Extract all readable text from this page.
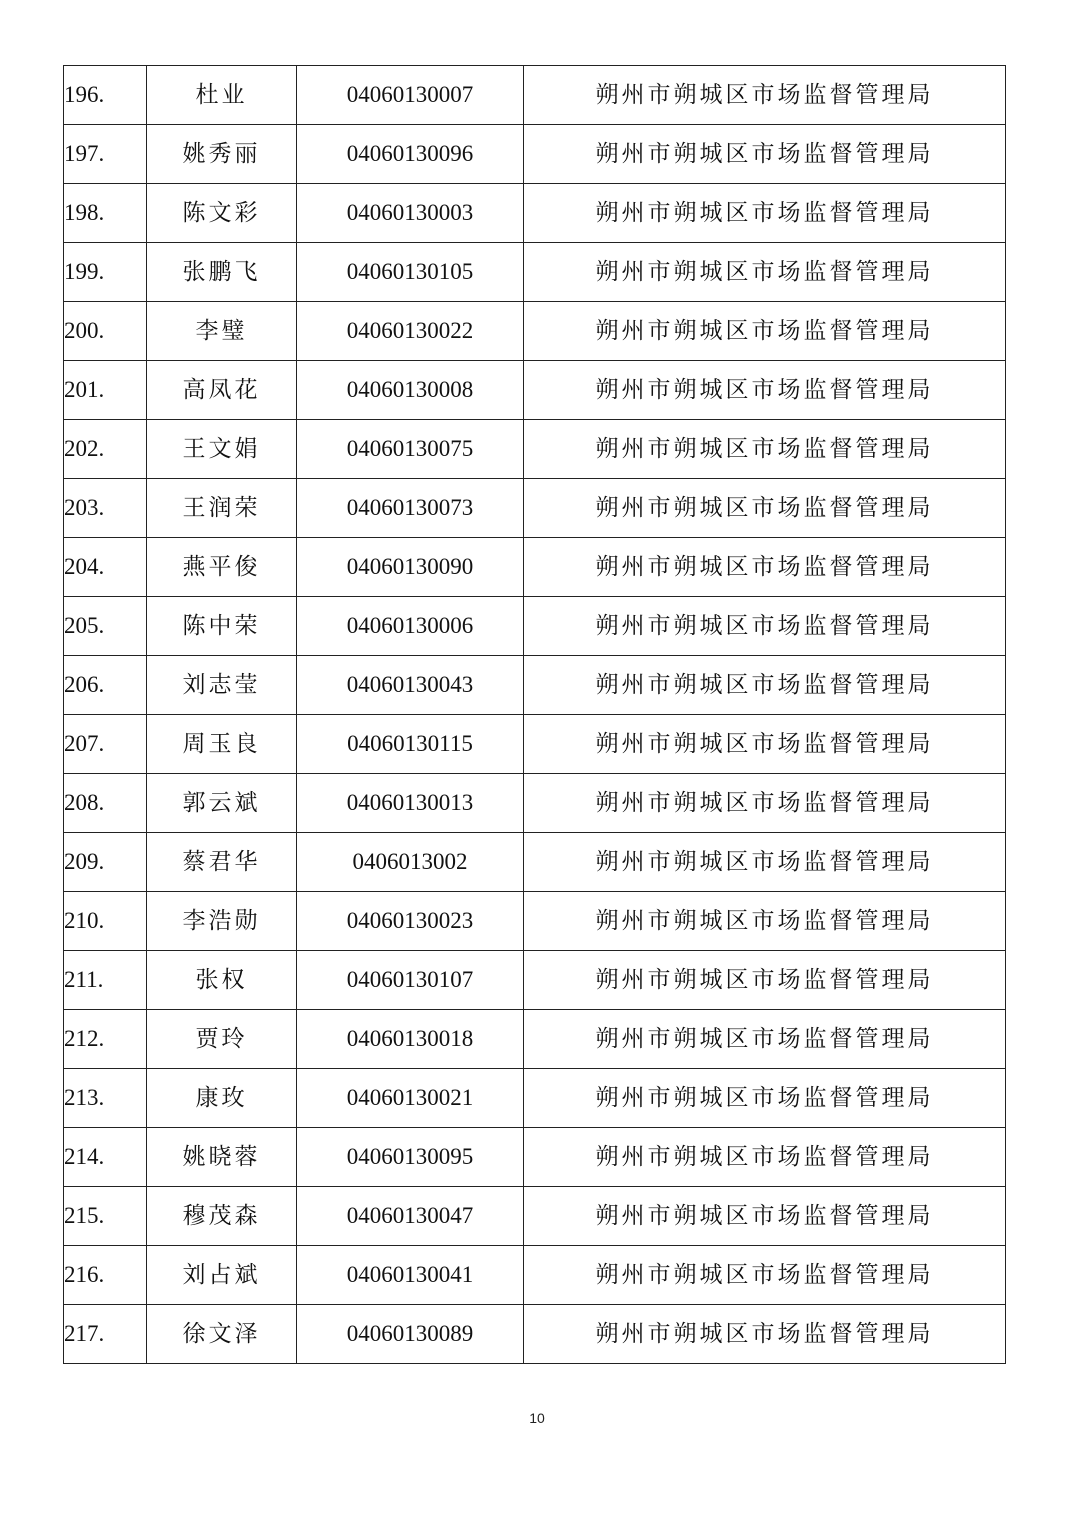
196.	杜业	04060130007	朔州市朔城区市场监督管理局
197.	姚秀丽	04060130096	朔州市朔城区市场监督管理局
198.	陈文彩	04060130003	朔州市朔城区市场监督管理局
199.	张鹏飞	04060130105	朔州市朔城区市场监督管理局
200.	李璧	04060130022	朔州市朔城区市场监督管理局
201.	高凤花	04060130008	朔州市朔城区市场监督管理局
202.	王文娟	04060130075	朔州市朔城区市场监督管理局
203.	王润荣	04060130073	朔州市朔城区市场监督管理局
204.	燕平俊	04060130090	朔州市朔城区市场监督管理局
205.	陈中荣	04060130006	朔州市朔城区市场监督管理局
206.	刘志莹	04060130043	朔州市朔城区市场监督管理局
207.	周玉良	04060130115	朔州市朔城区市场监督管理局
208.	郭云斌	04060130013	朔州市朔城区市场监督管理局
209.	蔡君华	0406013002	朔州市朔城区市场监督管理局
210.	李浩勋	04060130023	朔州市朔城区市场监督管理局
211.	张权	04060130107	朔州市朔城区市场监督管理局
212.	贾玲	04060130018	朔州市朔城区市场监督管理局
213.	康玫	04060130021	朔州市朔城区市场监督管理局
214.	姚晓蓉	04060130095	朔州市朔城区市场监督管理局
215.	穆茂森	04060130047	朔州市朔城区市场监督管理局
216.	刘占斌	04060130041	朔州市朔城区市场监督管理局
217.	徐文泽	04060130089	朔州市朔城区市场监督管理局
10
